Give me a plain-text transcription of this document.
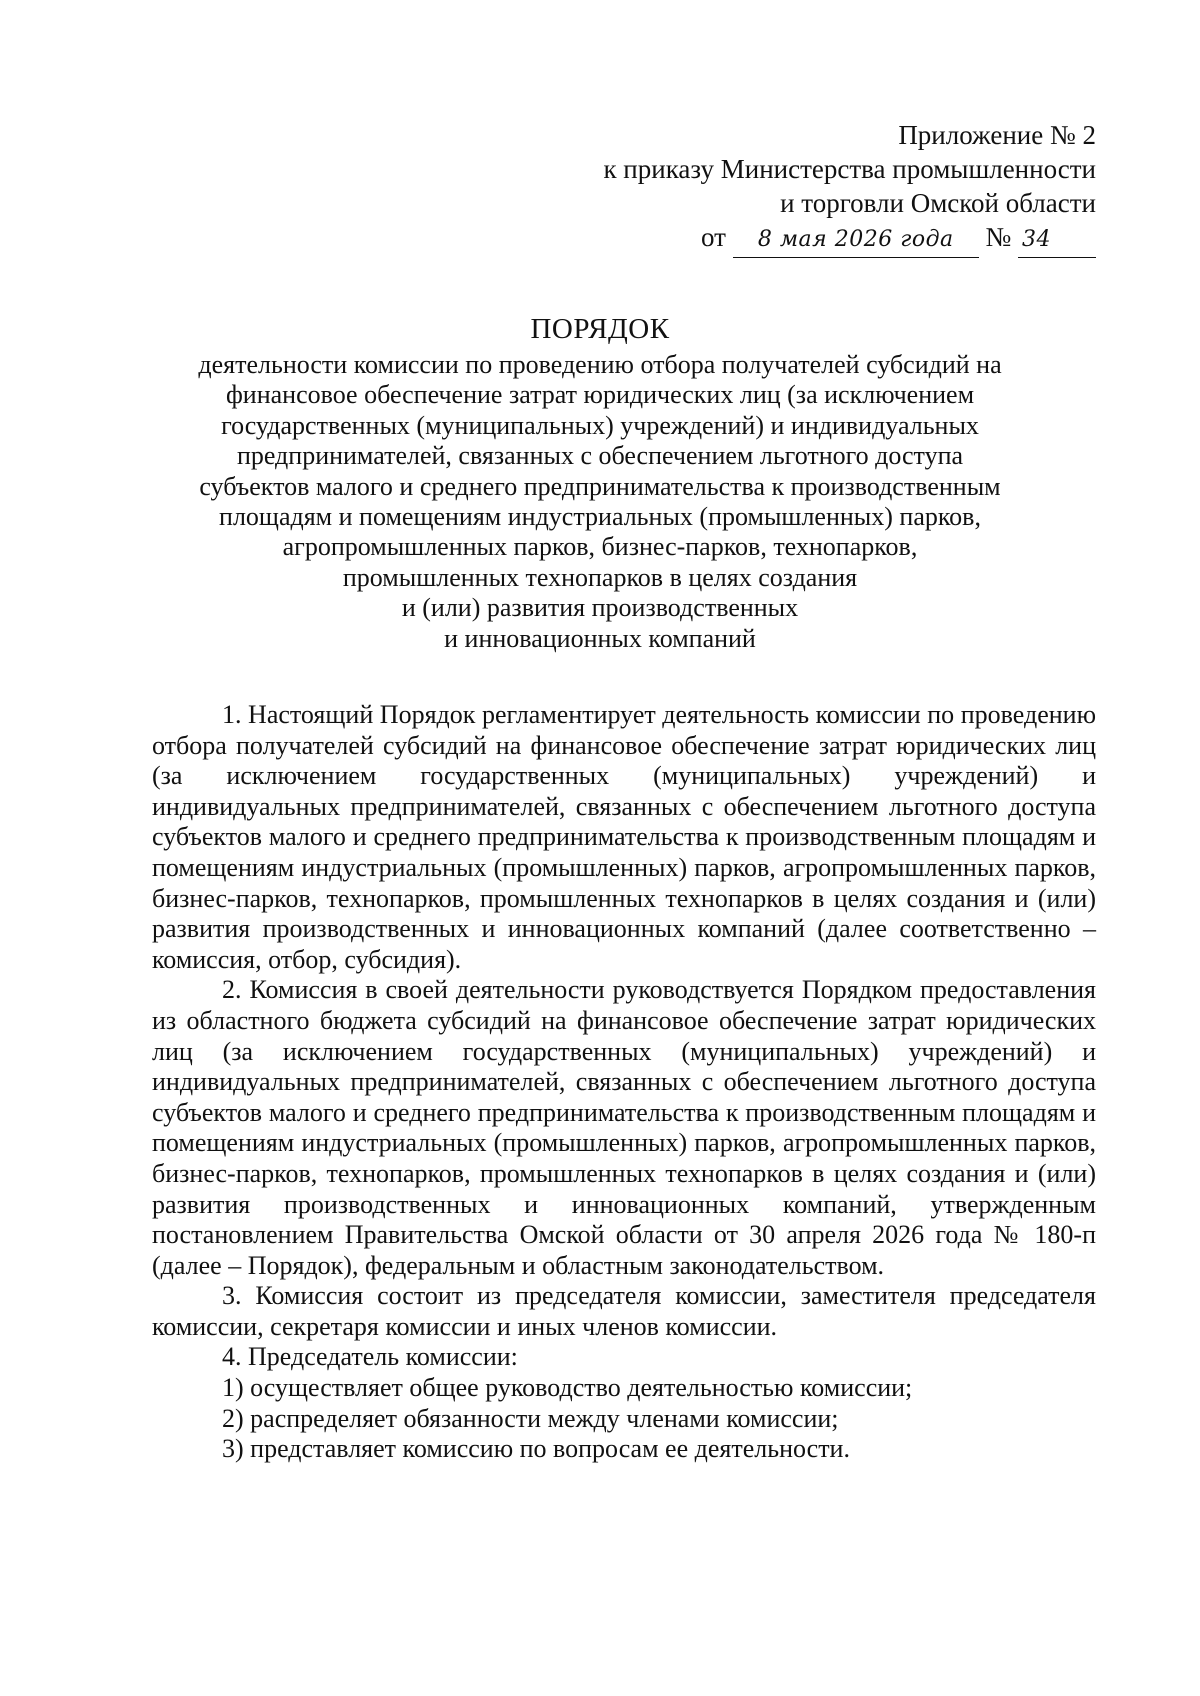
Приложение № 2
к приказу Министерства промышленности
и торговли Омской области
от 8 мая 2026 года № 34
ПОРЯДОК
деятельности комиссии по проведению отбора получателей субсидий на
финансовое обеспечение затрат юридических лиц (за исключением
государственных (муниципальных) учреждений) и индивидуальных
предпринимателей, связанных с обеспечением льготного доступа
субъектов малого и среднего предпринимательства к производственным
площадям и помещениям индустриальных (промышленных) парков,
агропромышленных парков, бизнес-парков, технопарков,
промышленных технопарков в целях создания
и (или) развития производственных
и инновационных компаний

1. Настоящий Порядок регламентирует деятельность комиссии по проведению отбора получателей субсидий на финансовое обеспечение затрат юридических лиц (за исключением государственных (муниципальных) учреждений) и индивидуальных предпринимателей, связанных с обеспечением льготного доступа субъектов малого и среднего предпринимательства к производственным площадям и помещениям индустриальных (промышленных) парков, агропромышленных парков, бизнес-парков, технопарков, промышленных технопарков в целях создания и (или) развития производственных и инновационных компаний (далее соответственно – комиссия, отбор, субсидия).

2. Комиссия в своей деятельности руководствуется Порядком предоставления из областного бюджета субсидий на финансовое обеспечение затрат юридических лиц (за исключением государственных (муниципальных) учреждений) и индивидуальных предпринимателей, связанных с обеспечением льготного доступа субъектов малого и среднего предпринимательства к производственным площадям и помещениям индустриальных (промышленных) парков, агропромышленных парков, бизнес-парков, технопарков, промышленных технопарков в целях создания и (или) развития производственных и инновационных компаний, утвержденным постановлением Правительства Омской области от 30 апреля 2026 года № 180-п (далее – Порядок), федеральным и областным законодательством.

3. Комиссия состоит из председателя комиссии, заместителя председателя комиссии, секретаря комиссии и иных членов комиссии.

4. Председатель комиссии:

1) осуществляет общее руководство деятельностью комиссии;

2) распределяет обязанности между членами комиссии;

3) представляет комиссию по вопросам ее деятельности.
